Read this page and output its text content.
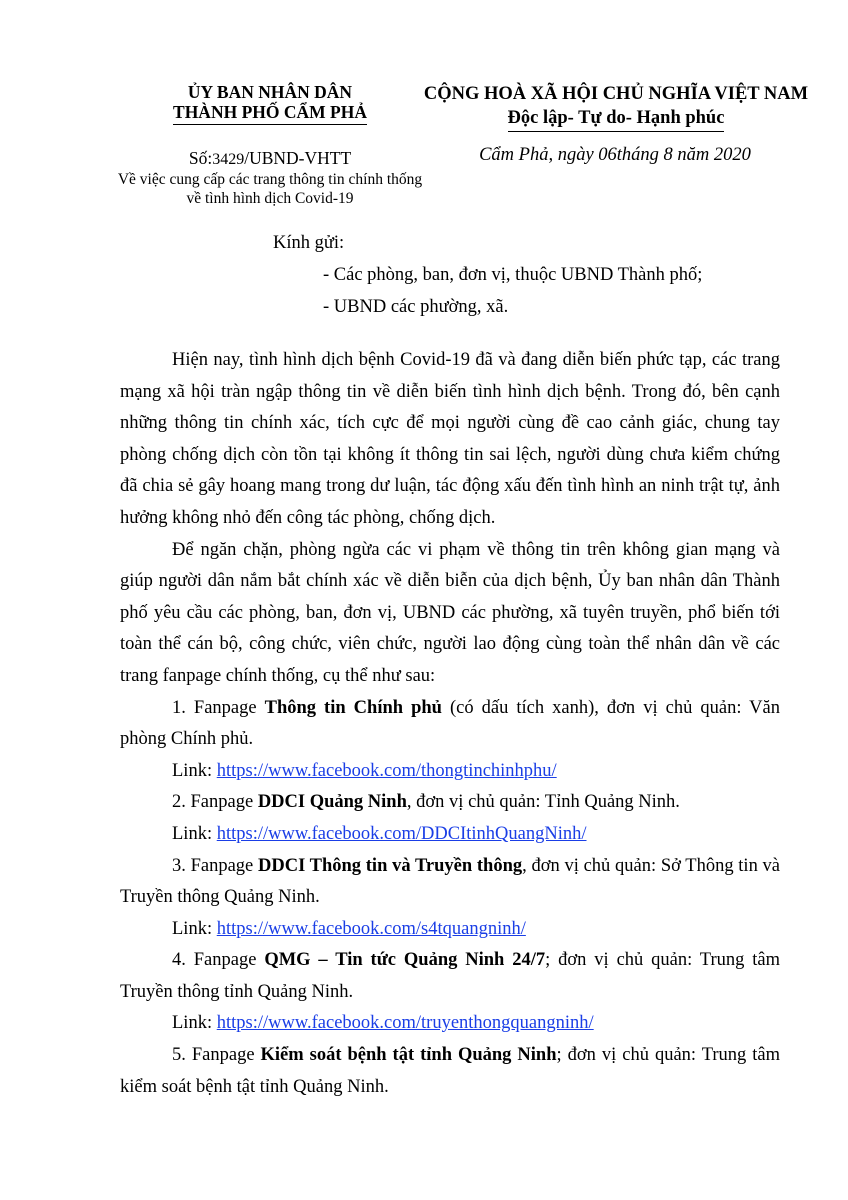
ỦY BAN NHÂN DÂN
THÀNH PHỐ CẨM PHẢ
CỘNG HOÀ XÃ HỘI CHỦ NGHĨA VIỆT NAM
Độc lập- Tự do- Hạnh phúc
Số:3429/UBND-VHTT
Về việc cung cấp các trang thông tin chính thống
về tình hình dịch Covid-19
Cẩm Phả, ngày 06tháng 8 năm 2020
Kính gửi:
- Các phòng, ban, đơn vị, thuộc UBND Thành phố;
- UBND các phường, xã.

Hiện nay, tình hình dịch bệnh Covid-19 đã và đang diễn biến phức tạp, các trang mạng xã hội tràn ngập thông tin về diễn biến tình hình dịch bệnh. Trong đó, bên cạnh những thông tin chính xác, tích cực để mọi người cùng đề cao cảnh giác, chung tay phòng chống dịch còn tồn tại không ít thông tin sai lệch, người dùng chưa kiểm chứng đã chia sẻ gây hoang mang trong dư luận, tác động xấu đến tình hình an ninh trật tự, ảnh hưởng không nhỏ đến công tác phòng, chống dịch.

Để ngăn chặn, phòng ngừa các vi phạm về thông tin trên không gian mạng và giúp người dân nắm bắt chính xác về diễn biễn của dịch bệnh, Ủy ban nhân dân Thành phố yêu cầu các phòng, ban, đơn vị, UBND các phường, xã tuyên truyền, phổ biến tới toàn thể cán bộ, công chức, viên chức, người lao động cùng toàn thể nhân dân về các trang fanpage chính thống, cụ thể như sau:

1. Fanpage Thông tin Chính phủ (có dấu tích xanh), đơn vị chủ quản: Văn phòng Chính phủ.

Link: https://www.facebook.com/thongtinchinhphu/

2. Fanpage DDCI Quảng Ninh, đơn vị chủ quản: Tỉnh Quảng Ninh.

Link: https://www.facebook.com/DDCItinhQuangNinh/

3. Fanpage DDCI Thông tin và Truyền thông, đơn vị chủ quản: Sở Thông tin và Truyền thông Quảng Ninh.

Link: https://www.facebook.com/s4tquangninh/

4. Fanpage QMG – Tin tức Quảng Ninh 24/7; đơn vị chủ quản: Trung tâm Truyền thông tỉnh Quảng Ninh.

Link: https://www.facebook.com/truyenthongquangninh/

5. Fanpage Kiểm soát bệnh tật tỉnh Quảng Ninh; đơn vị chủ quản: Trung tâm kiểm soát bệnh tật tỉnh Quảng Ninh.
